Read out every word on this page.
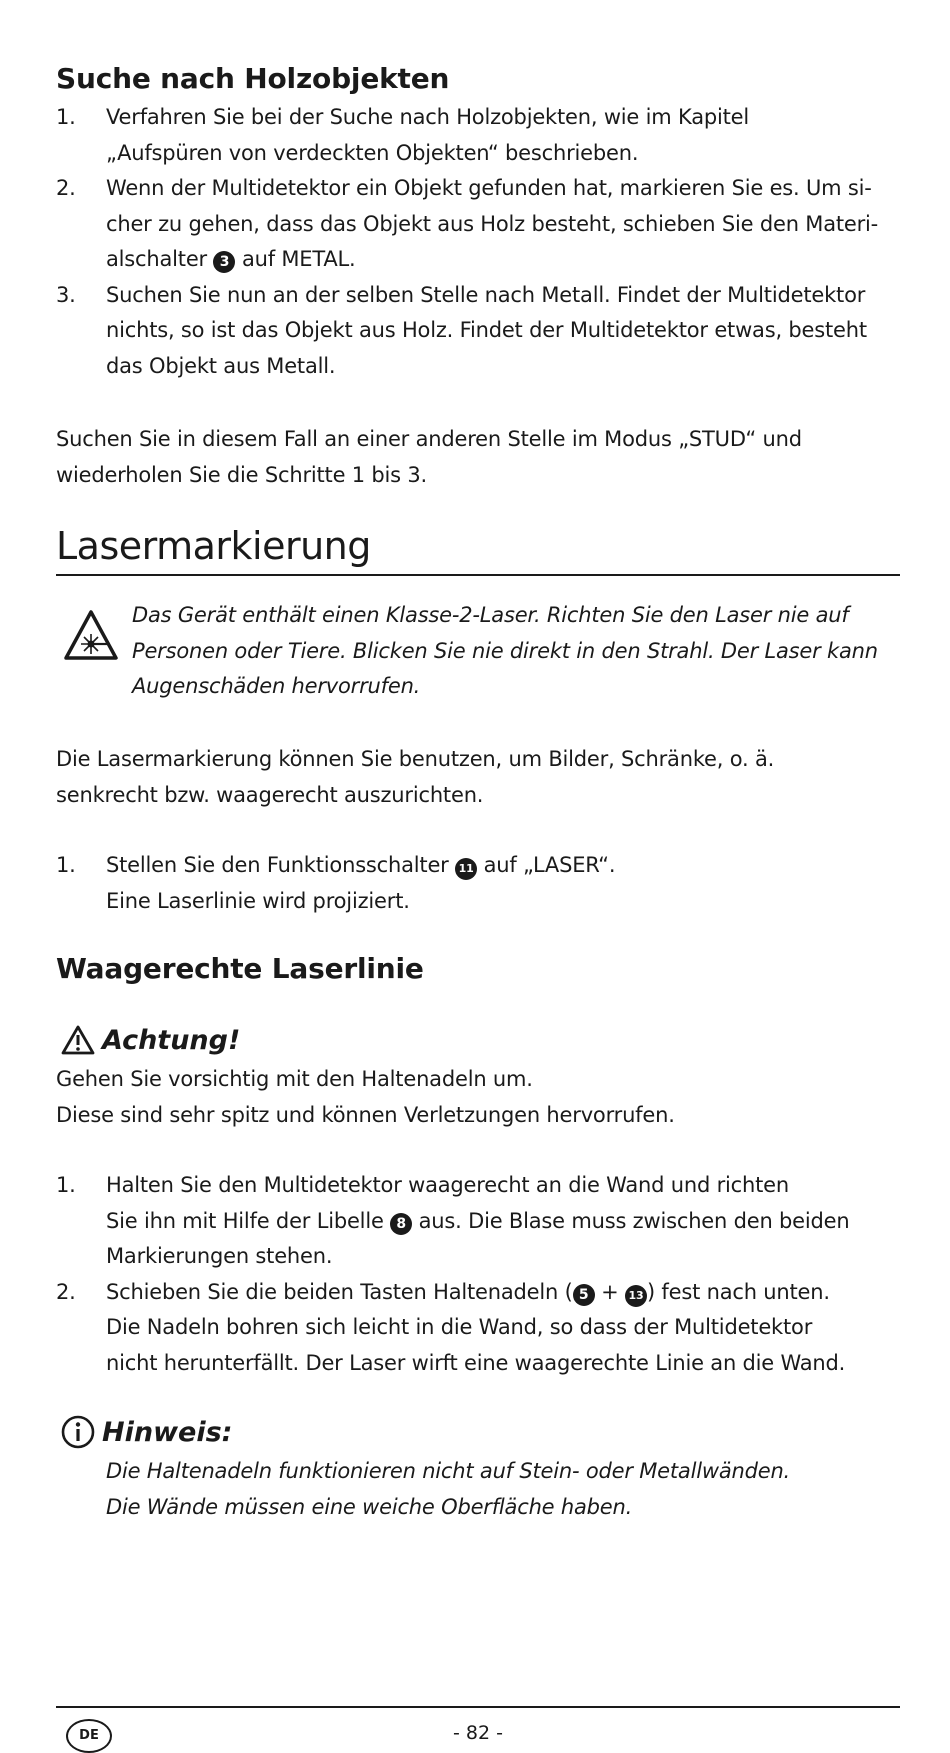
Suche nach Holzobjekten
1. Verfahren Sie bei der Suche nach Holzobjekten, wie im Kapitel
„Aufspüren von verdeckten Objekten“ beschrieben.
2. Wenn der Multidetektor ein Objekt gefunden hat, markieren Sie es. Um si-
cher zu gehen, dass das Objekt aus Holz besteht, schieben Sie den Materi-
alschalter 3 auf METAL.
3. Suchen Sie nun an der selben Stelle nach Metall. Findet der Multidetektor
nichts, so ist das Objekt aus Holz. Findet der Multidetektor etwas, besteht
das Objekt aus Metall.

Suchen Sie in diesem Fall an einer anderen Stelle im Modus „STUD“ und

wiederholen Sie die Schritte 1 bis 3.

Lasermarkierung

Das Gerät enthält einen Klasse-2-Laser. Richten Sie den Laser nie auf

Personen oder Tiere. Blicken Sie nie direkt in den Strahl. Der Laser kann

Augenschäden hervorrufen.

Die Lasermarkierung können Sie benutzen, um Bilder, Schränke, o. ä.

senkrecht bzw. waagerecht auszurichten.

1. Stellen Sie den Funktionsschalter 11 auf „LASER“.
Eine Laserlinie wird projiziert.
Waagerechte Laserlinie
Achtung!

Gehen Sie vorsichtig mit den Haltenadeln um.

Diese sind sehr spitz und können Verletzungen hervorrufen.

1. Halten Sie den Multidetektor waagerecht an die Wand und richten
Sie ihn mit Hilfe der Libelle 8 aus. Die Blase muss zwischen den beiden
Markierungen stehen.
2. Schieben Sie die beiden Tasten Haltenadeln ( 5 + 13 ) fest nach unten.
Die Nadeln bohren sich leicht in die Wand, so dass der Multidetektor
nicht herunterfällt. Der Laser wirft eine waagerechte Linie an die Wand.
Hinweis:

Die Haltenadeln funktionieren nicht auf Stein- oder Metallwänden.

Die Wände müssen eine weiche Oberfläche haben.

DE	- 82 -
